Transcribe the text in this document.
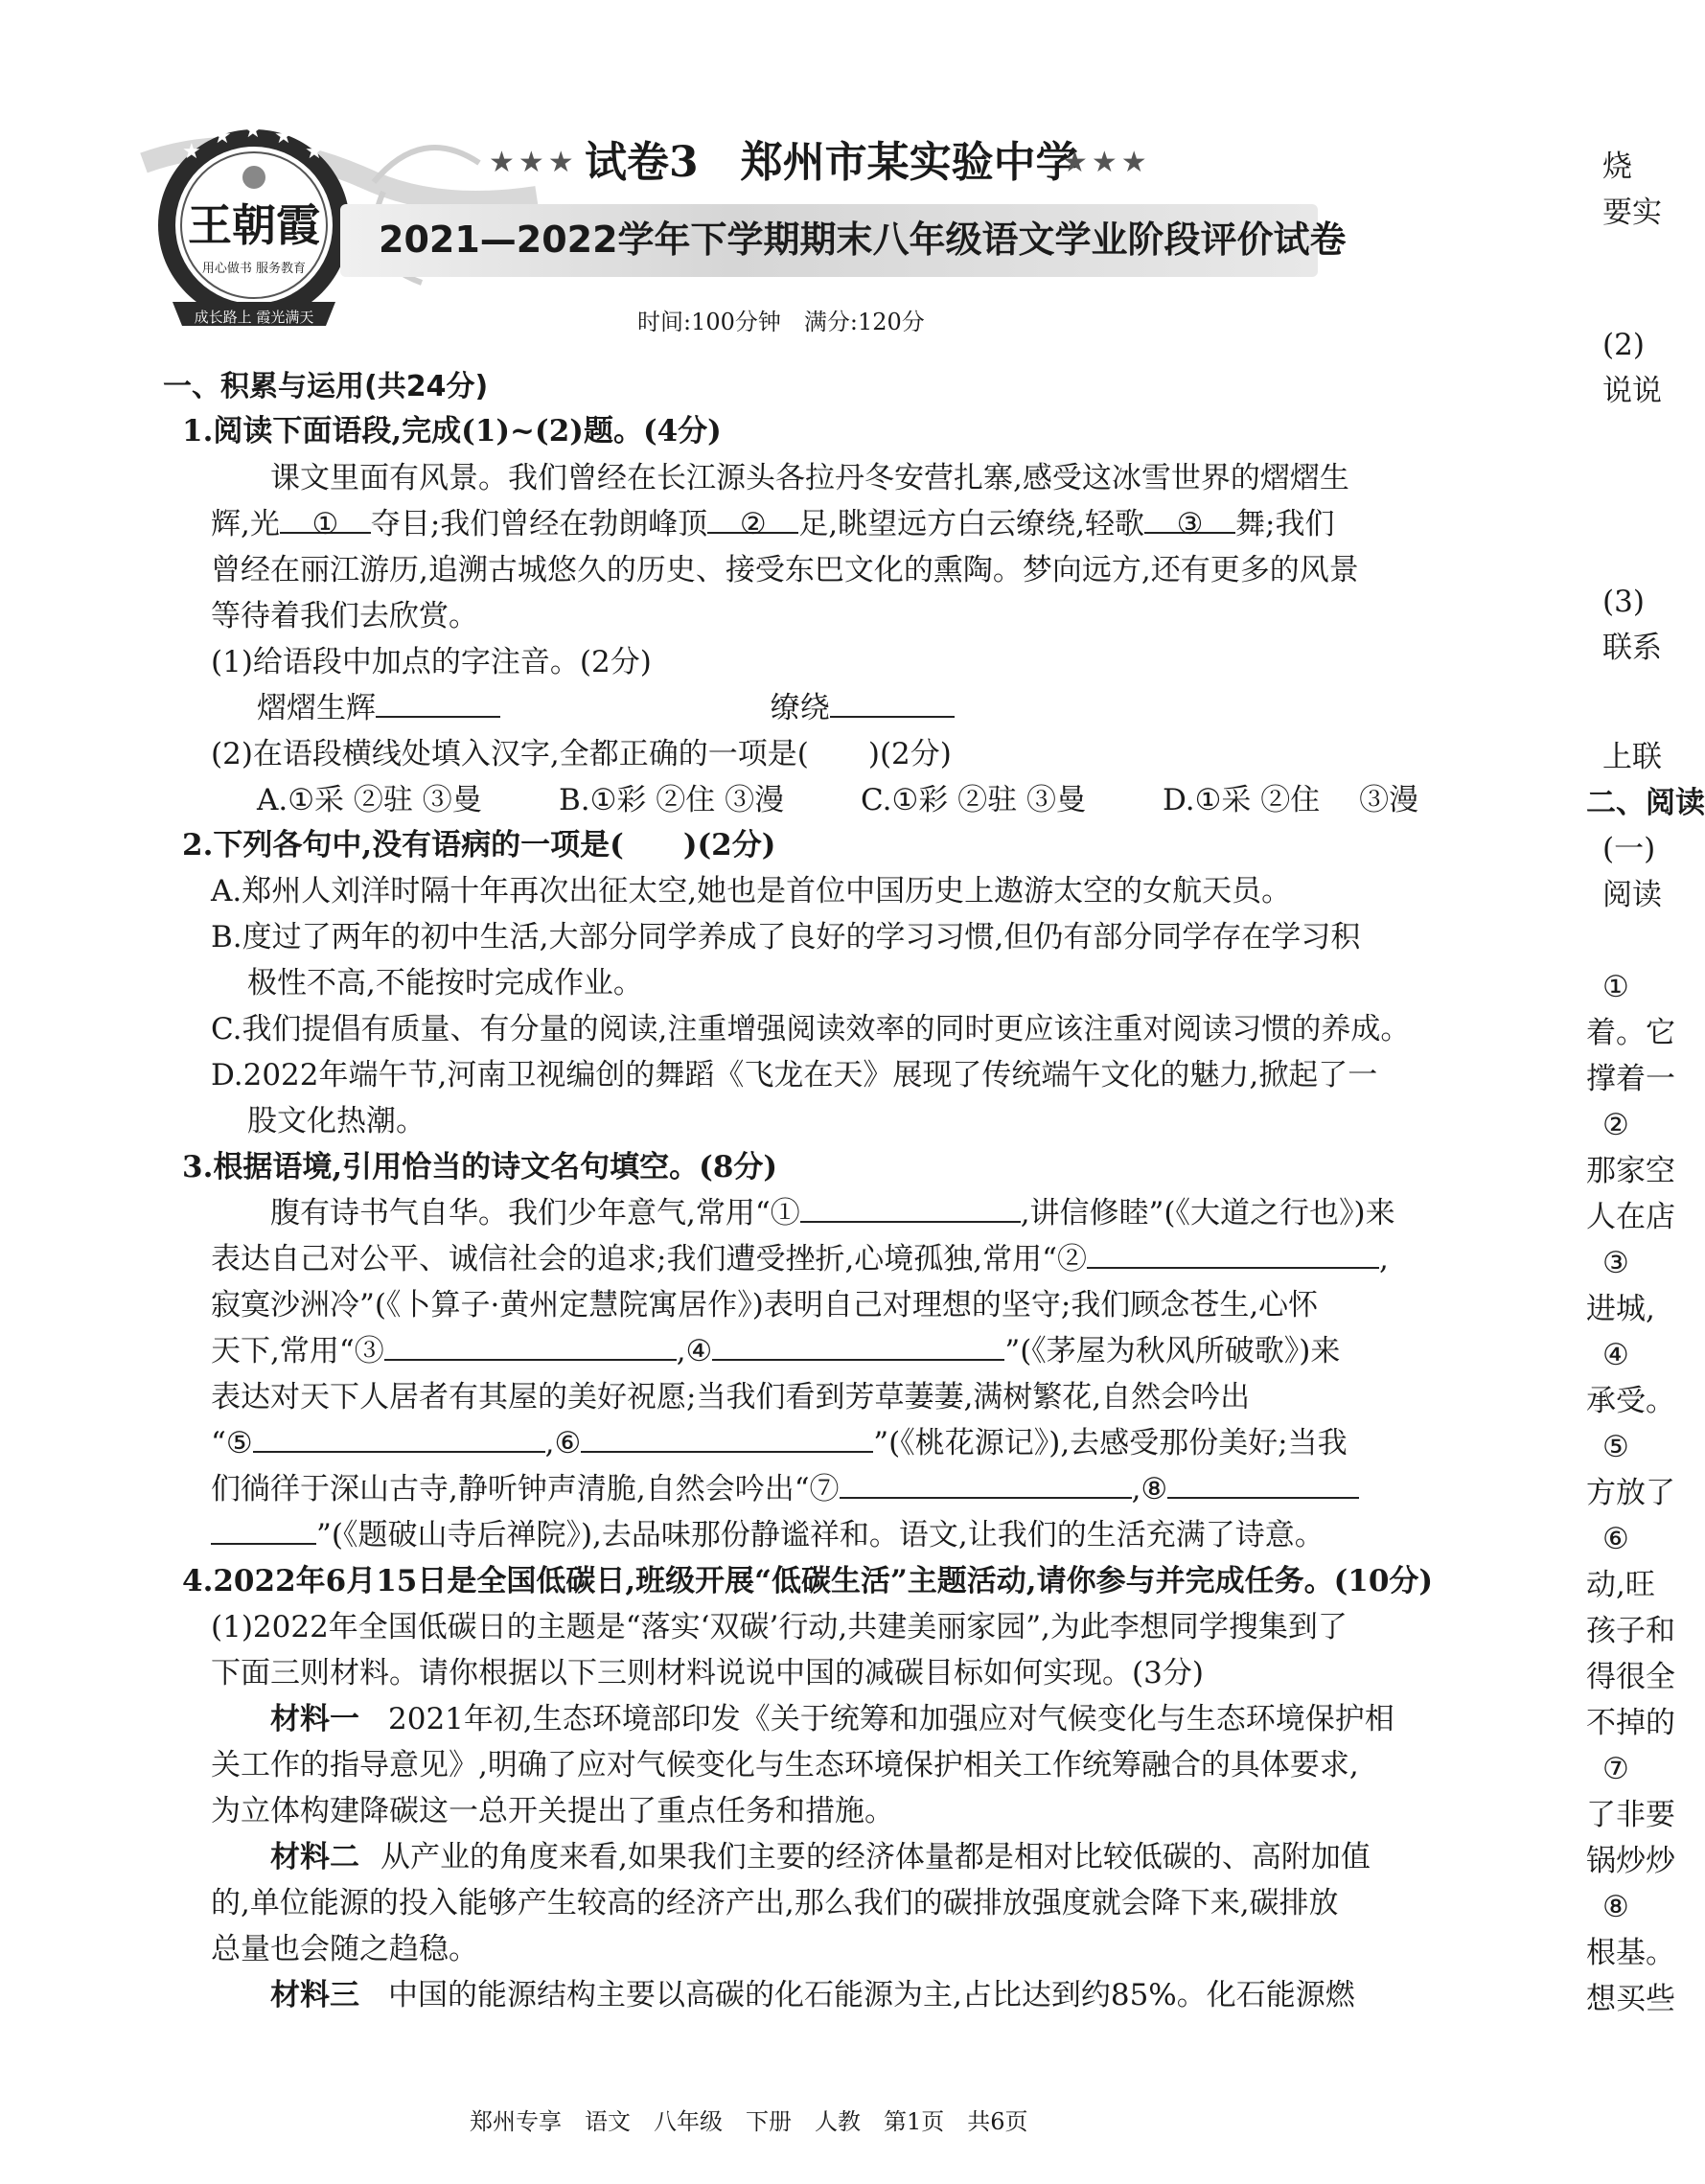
★
★ ★ ★
★
王朝霞
用心做书 服务教育
成长路上 霞光满天
★★★ 试卷3　郑州市某实验中学
★★★
2021—2022学年下学期期末八年级语文学业阶段评价试卷
时间:100分钟　满分:120分
一、积累与运用(共24分)
1.阅读下面语段,完成(1)~(2)题。(4分)
课文里面有风景。我们曾经在长江源头各拉丹冬安营扎寨,感受这冰雪世界的熠熠生
辉,光 ① 夺目;我们曾经在勃朗峰顶 ② 足,眺望远方白云缭绕,轻歌 ③ 舞;我们
曾经在丽江游历,追溯古城悠久的历史、接受东巴文化的熏陶。梦向远方,还有更多的风景
等待着我们去欣赏。
(1)给语段中加点的字注音。(2分)
熠熠生辉	缭绕
(2)在语段横线处填入汉字,全都正确的一项是(　　)(2分)
A.①采 ②驻 ③曼	B.①彩 ②住 ③漫	C.①彩 ②驻 ③曼	D.①采 ②住 　③漫
2.下列各句中,没有语病的一项是(　　)(2分)
A.郑州人刘洋时隔十年再次出征太空,她也是首位中国历史上遨游太空的女航天员。
B.度过了两年的初中生活,大部分同学养成了良好的学习习惯,但仍有部分同学存在学习积
极性不高,不能按时完成作业。
C.我们提倡有质量、有分量的阅读,注重增强阅读效率的同时更应该注重对阅读习惯的养成。
D.2022年端午节,河南卫视编创的舞蹈《飞龙在天》展现了传统端午文化的魅力,掀起了一
股文化热潮。
3.根据语境,引用恰当的诗文名句填空。(8分)
腹有诗书气自华。我们少年意气,常用“①	,讲信修睦”(《大道之行也》)来
表达自己对公平、诚信社会的追求;我们遭受挫折,心境孤独,常用“②	,
寂寞沙洲冷”(《卜算子·黄州定慧院寓居作》)表明自己对理想的坚守;我们顾念苍生,心怀
天下,常用“③	,④	”(《茅屋为秋风所破歌》)来
表达对天下人居者有其屋的美好祝愿;当我们看到芳草萋萋,满树繁花,自然会吟出
“⑤	,⑥	”(《桃花源记》),去感受那份美好;当我
们徜徉于深山古寺,静听钟声清脆,自然会吟出“⑦	,⑧
”(《题破山寺后禅院》),去品味那份静谧祥和。语文,让我们的生活充满了诗意。
4.2022年6月15日是全国低碳日,班级开展“低碳生活”主题活动,请你参与并完成任务。(10分)
(1)2022年全国低碳日的主题是“落实‘双碳’行动,共建美丽家园”,为此李想同学搜集到了
下面三则材料。请你根据以下三则材料说说中国的减碳目标如何实现。(3分)
材料一 2021年初,生态环境部印发《关于统筹和加强应对气候变化与生态环境保护相
关工作的指导意见》,明确了应对气候变化与生态环境保护相关工作统筹融合的具体要求,
为立体构建降碳这一总开关提出了重点任务和措施。
材料二 从产业的角度来看,如果我们主要的经济体量都是相对比较低碳的、高附加值
的,单位能源的投入能够产生较高的经济产出,那么我们的碳排放强度就会降下来,碳排放
总量也会随之趋稳。
材料三 中国的能源结构主要以高碳的化石能源为主,占比达到约85%。化石能源燃
郑州专享　语文　八年级　下册　人教　第1页　共6页
烧
要实
(2)
说说
(3)
联系
上联
二、阅读
(一)
阅读
①
着。它
撑着一
②
那家空
人在店
③
进城,
④
承受。
⑤
方放了
⑥
动,旺
孩子和
得很全
不掉的
⑦
了非要
锅炒炒
⑧
根基。
想买些
